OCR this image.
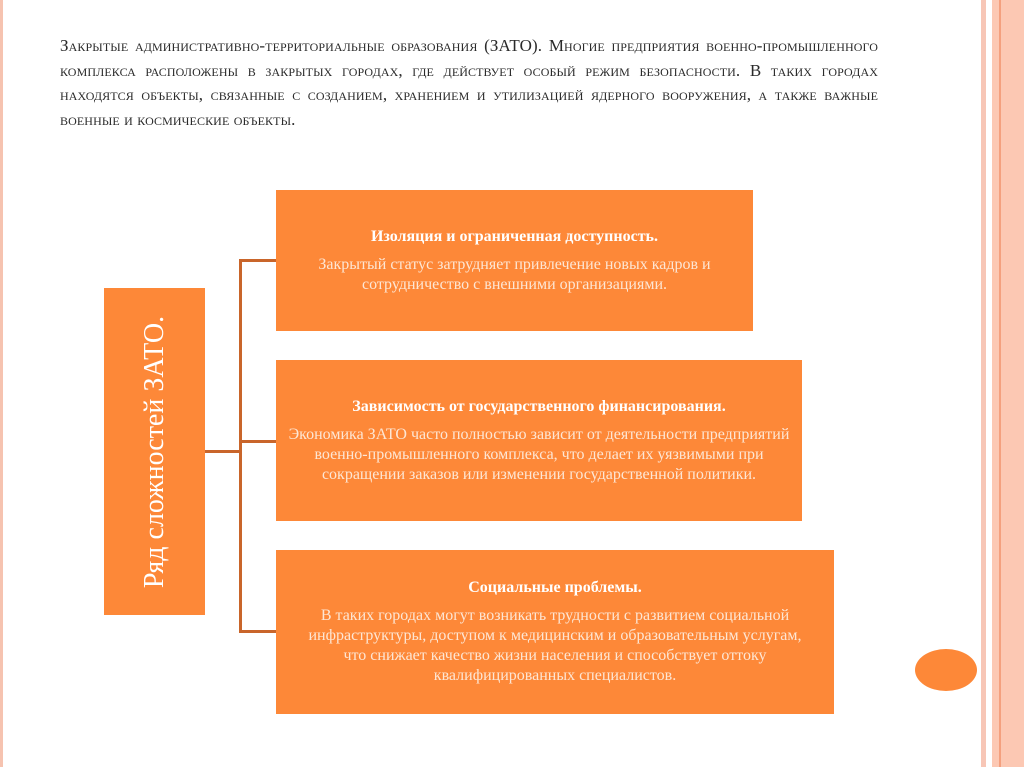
Закрытые административно-территориальные образования (ЗАТО). Многие предприятия военно-промышленного комплекса расположены в закрытых городах, где действует особый режим безопасности. В таких городах находятся объекты, связанные с созданием, хранением и утилизацией ядерного вооружения, а также важные военные и космические объекты.

Ряд сложностей ЗАТО.
Изоляция и ограниченная доступность.
Закрытый статус затрудняет привлечение новых кадров и сотрудничество с внешними организациями.
Зависимость от государственного финансирования.
Экономика ЗАТО часто полностью зависит от деятельности предприятий военно-промышленного комплекса, что делает их уязвимыми при сокращении заказов или изменении государственной политики.
Социальные проблемы.
В таких городах могут возникать трудности с развитием социальной инфраструктуры, доступом к медицинским и образовательным услугам, что снижает качество жизни населения и способствует оттоку квалифицированных специалистов.
